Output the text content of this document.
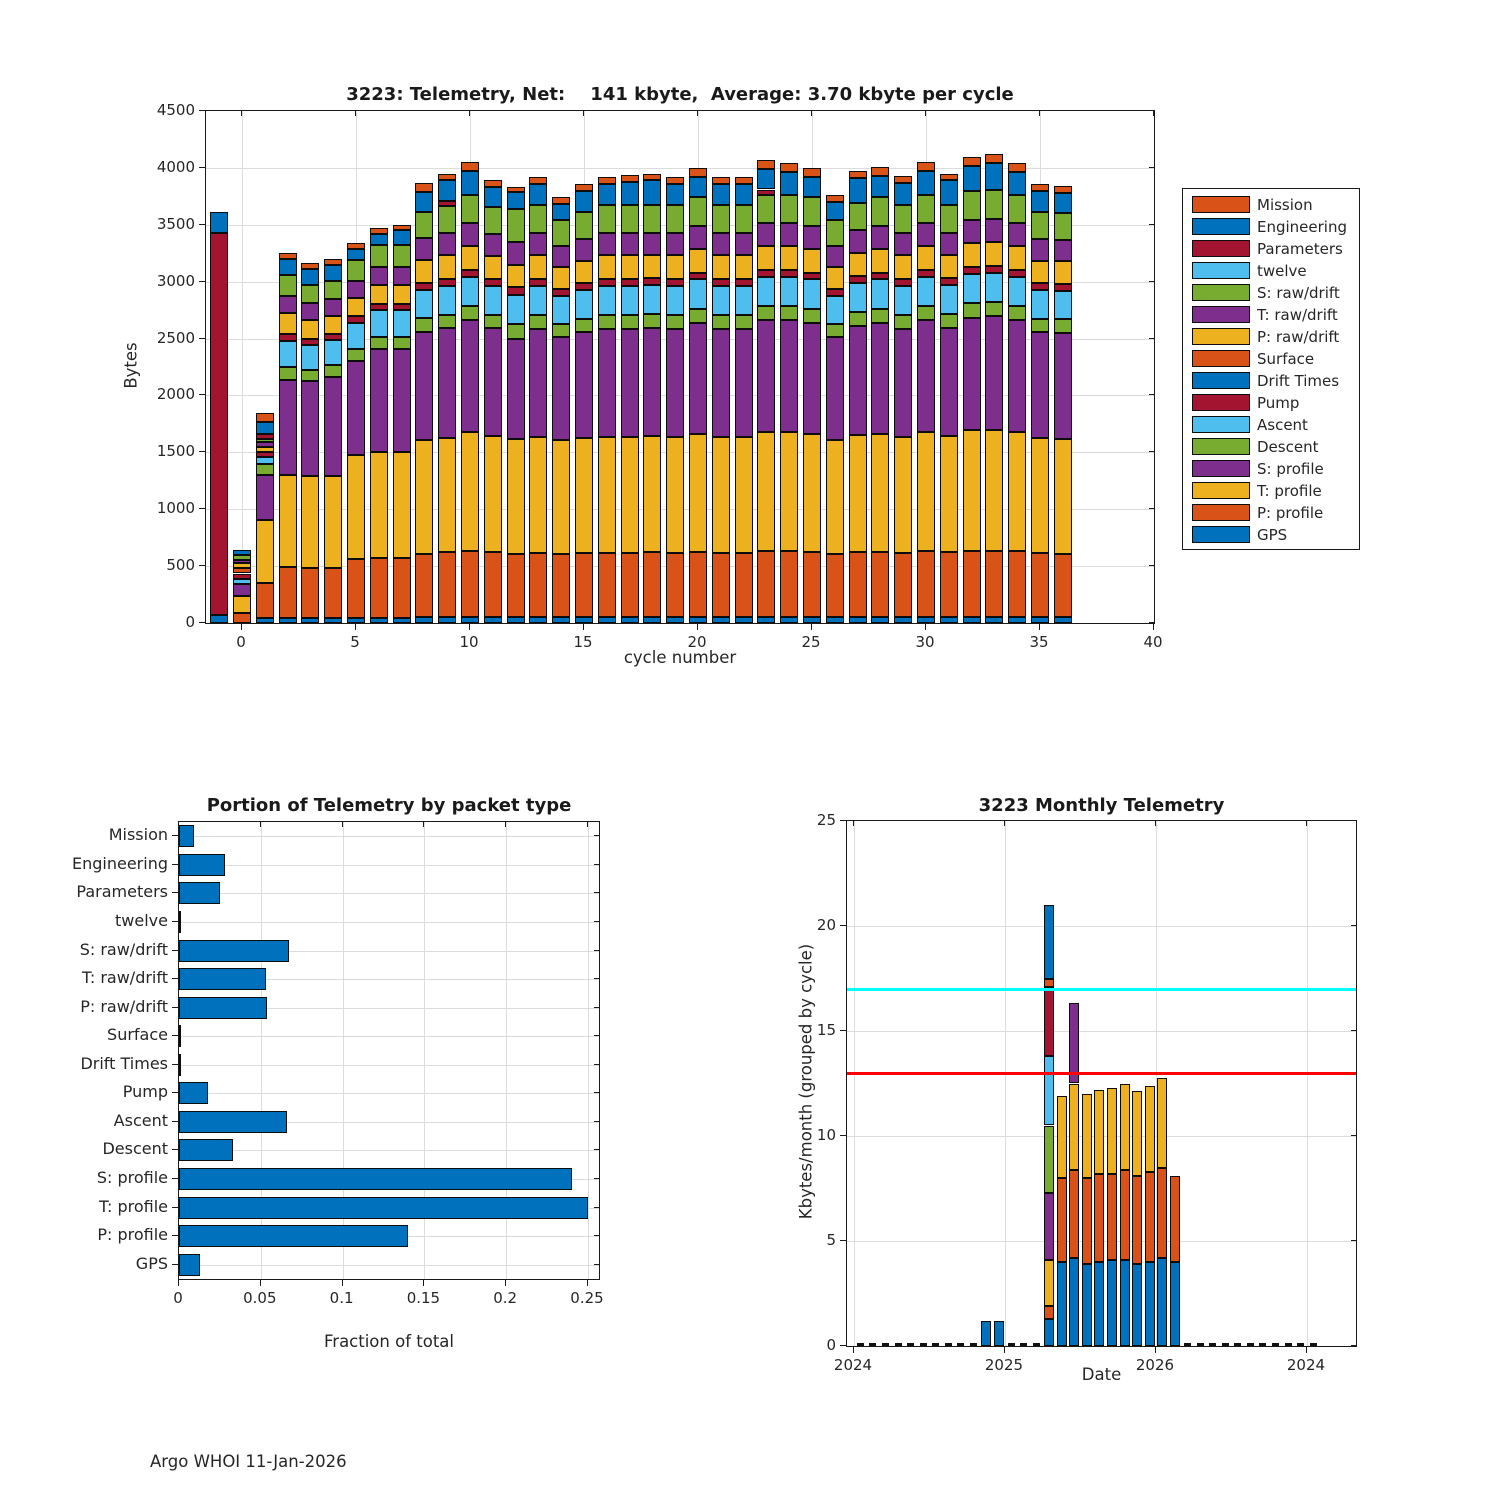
3223: Telemetry, Net:    141 kbyte,  Average: 3.70 kbyte per cycle
0
500
1000
1500
2000
2500
3000
3500
4000
4500
0	5	10	15	20	25	30	35	40
cycle number
Bytes
Mission
Engineering
Parameters
twelve
S: raw/drift
T: raw/drift
P: raw/drift
Surface
Drift Times
Pump
Ascent
Descent
S: profile
T: profile
P: profile
GPS
Portion of Telemetry by packet type
Mission
Engineering
Parameters
twelve
S: raw/drift
T: raw/drift
P: raw/drift
Surface
Drift Times
Pump
Ascent
Descent
S: profile
T: profile
P: profile
GPS
0	0.05	0.1	0.15	0.2	0.25
Fraction of total
3223 Monthly Telemetry
0
5
10
15
20
25
2024	2025	2026	2024
Date
Kbytes/month (grouped by cycle)
Argo WHOI 11-Jan-2026
